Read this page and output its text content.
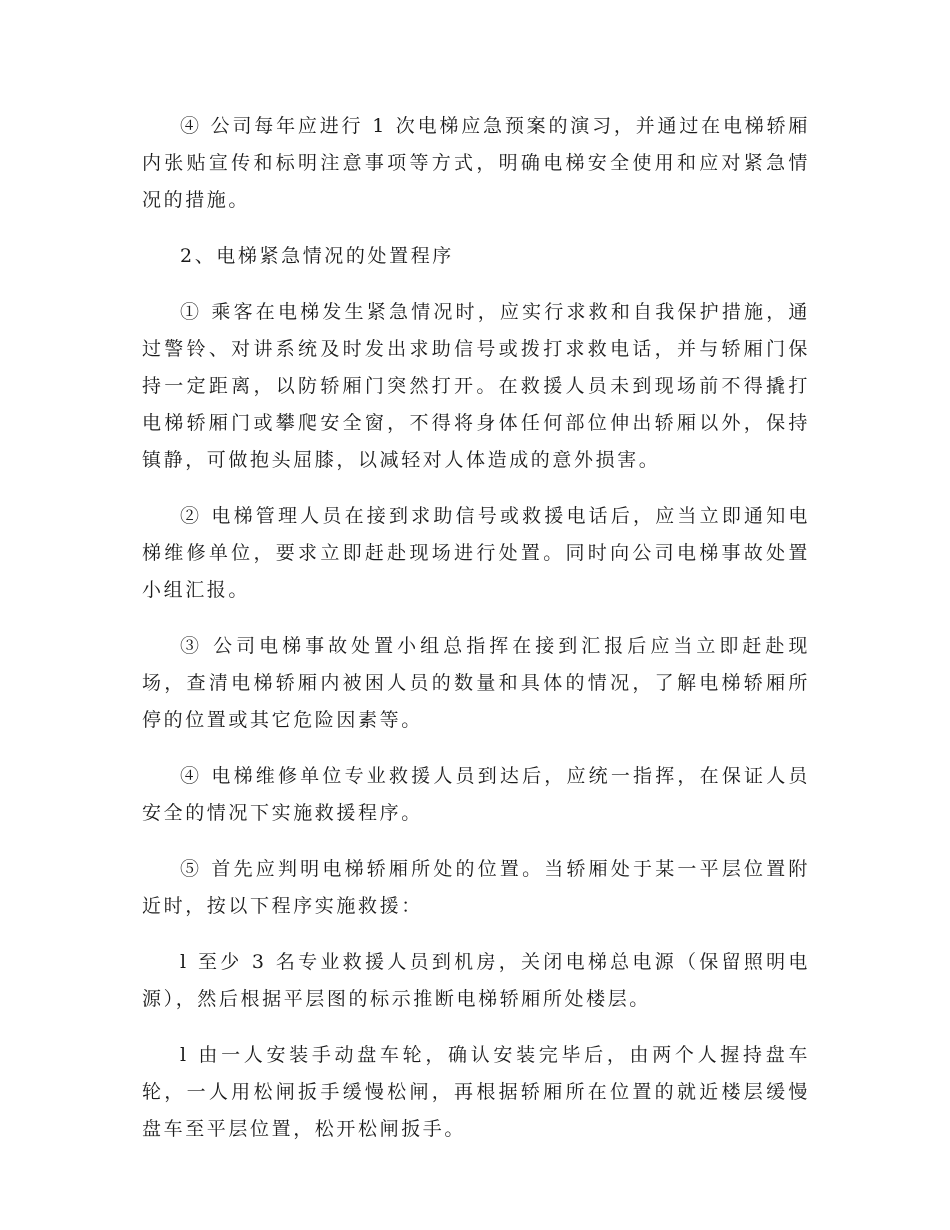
④ 公司每年应进行 1 次电梯应急预案的演习，并通过在电梯轿厢内张贴宣传和标明注意事项等方式，明确电梯安全使用和应对紧急情况的措施。

2、电梯紧急情况的处置程序

① 乘客在电梯发生紧急情况时，应实行求救和自我保护措施，通过警铃、对讲系统及时发出求助信号或拨打求救电话，并与轿厢门保持一定距离，以防轿厢门突然打开。在救援人员未到现场前不得撬打电梯轿厢门或攀爬安全窗，不得将身体任何部位伸出轿厢以外，保持镇静，可做抱头屈膝，以减轻对人体造成的意外损害。

② 电梯管理人员在接到求助信号或救援电话后，应当立即通知电梯维修单位，要求立即赶赴现场进行处置。同时向公司电梯事故处置小组汇报。

③ 公司电梯事故处置小组总指挥在接到汇报后应当立即赶赴现场，查清电梯轿厢内被困人员的数量和具体的情况，了解电梯轿厢所停的位置或其它危险因素等。

④ 电梯维修单位专业救援人员到达后，应统一指挥，在保证人员安全的情况下实施救援程序。

⑤ 首先应判明电梯轿厢所处的位置。当轿厢处于某一平层位置附近时，按以下程序实施救援：

l 至少 3 名专业救援人员到机房，关闭电梯总电源（保留照明电源），然后根据平层图的标示推断电梯轿厢所处楼层。

l 由一人安装手动盘车轮，确认安装完毕后，由两个人握持盘车轮，一人用松闸扳手缓慢松闸，再根据轿厢所在位置的就近楼层缓慢盘车至平层位置，松开松闸扳手。
